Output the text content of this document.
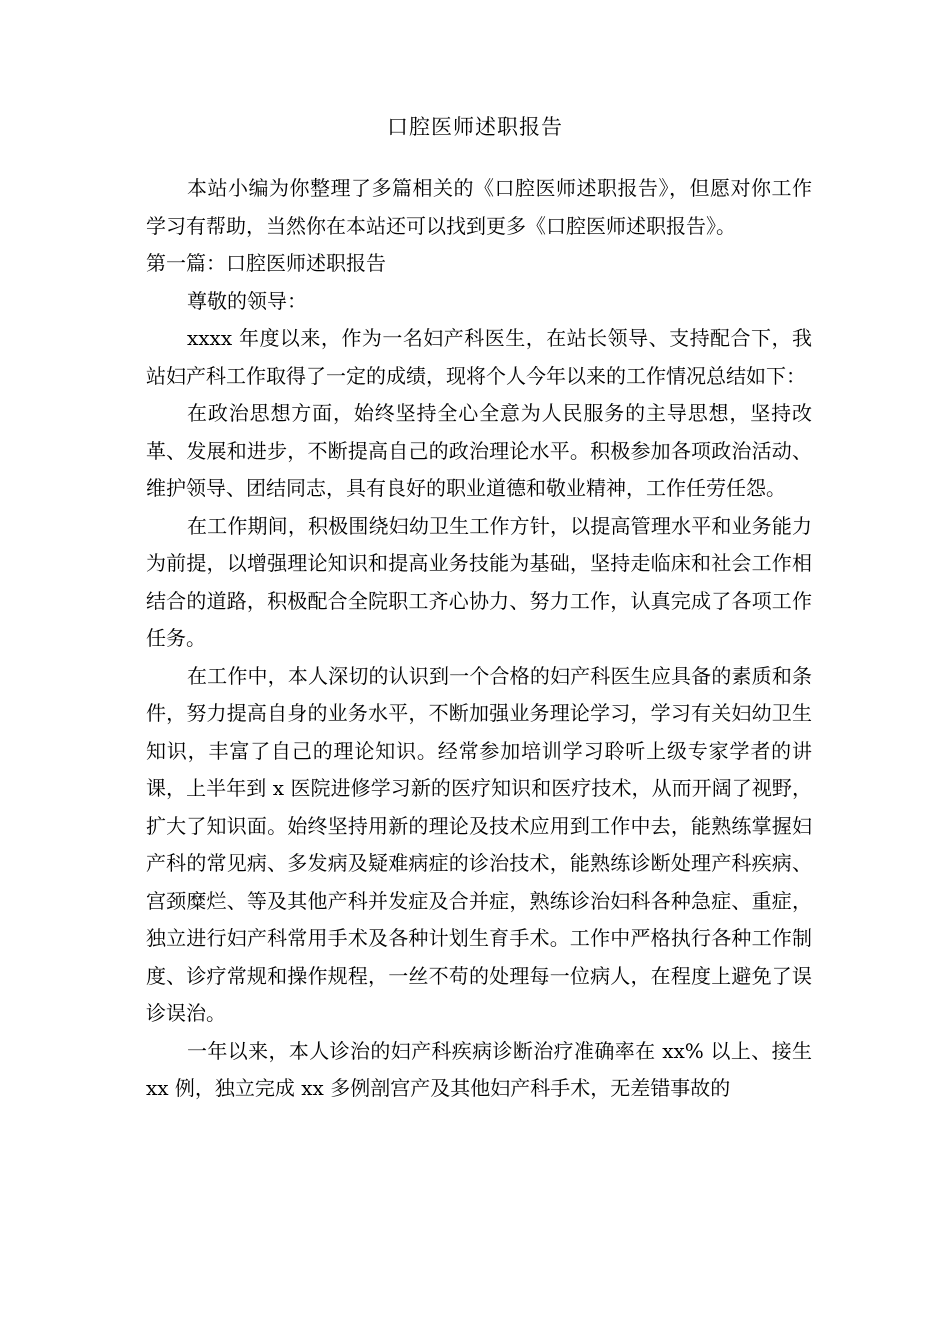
口腔医师述职报告

本站小编为你整理了多篇相关的《口腔医师述职报告》，但愿对你工作学习有帮助，当然你在本站还可以找到更多《口腔医师述职报告》。

第一篇：口腔医师述职报告

尊敬的领导：

xxxx 年度以来，作为一名妇产科医生，在站长领导、支持配合下，我站妇产科工作取得了一定的成绩，现将个人今年以来的工作情况总结如下：

在政治思想方面，始终坚持全心全意为人民服务的主导思想，坚持改革、发展和进步，不断提高自己的政治理论水平。积极参加各项政治活动、维护领导、团结同志，具有良好的职业道德和敬业精神，工作任劳任怨。

在工作期间，积极围绕妇幼卫生工作方针，以提高管理水平和业务能力为前提，以增强理论知识和提高业务技能为基础，坚持走临床和社会工作相结合的道路，积极配合全院职工齐心协力、努力工作，认真完成了各项工作任务。

在工作中，本人深切的认识到一个合格的妇产科医生应具备的素质和条件，努力提高自身的业务水平，不断加强业务理论学习，学习有关妇幼卫生知识，丰富了自己的理论知识。经常参加培训学习聆听上级专家学者的讲课，上半年到 x 医院进修学习新的医疗知识和医疗技术，从而开阔了视野，扩大了知识面。始终坚持用新的理论及技术应用到工作中去，能熟练掌握妇产科的常见病、多发病及疑难病症的诊治技术，能熟练诊断处理产科疾病、宫颈糜烂、等及其他产科并发症及合并症，熟练诊治妇科各种急症、重症，独立进行妇产科常用手术及各种计划生育手术。工作中严格执行各种工作制度、诊疗常规和操作规程，一丝不苟的处理每一位病人，在程度上避免了误诊误治。

一年以来，本人诊治的妇产科疾病诊断治疗准确率在 xx% 以上、接生 xx 例，独立完成 xx 多例剖宫产及其他妇产科手术，无差错事故的
